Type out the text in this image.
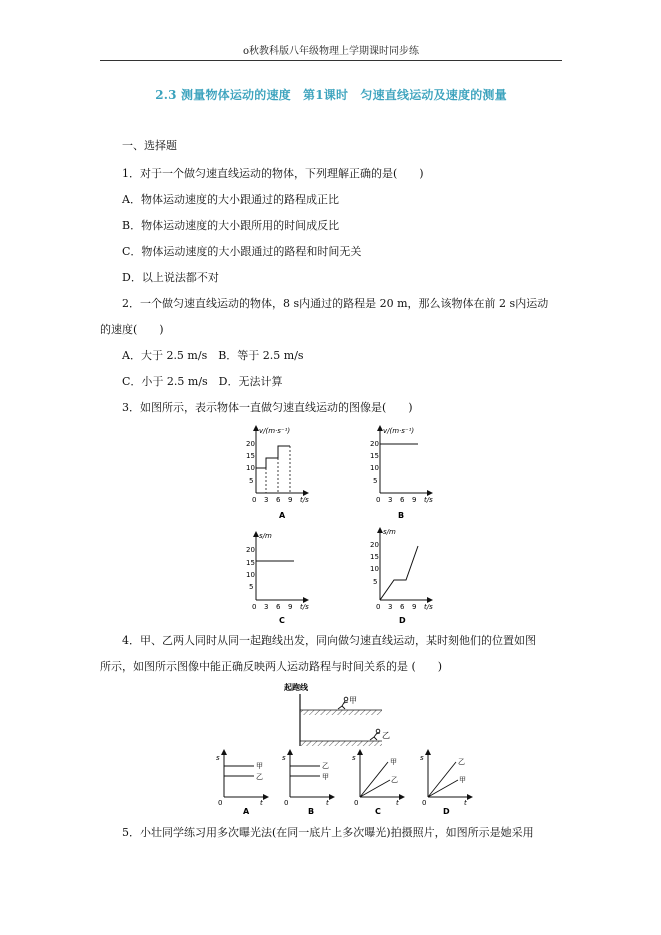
o秋教科版八年级物理上学期课时同步练
2.3 测量物体运动的速度　第1课时　匀速直线运动及速度的测量
一、选择题
1．对于一个做匀速直线运动的物体，下列理解正确的是(　　)
A．物体运动速度的大小跟通过的路程成正比
B．物体运动速度的大小跟所用的时间成反比
C．物体运动速度的大小跟通过的路程和时间无关
D．以上说法都不对
2．一个做匀速直线运动的物体，8 s内通过的路程是 20 m，那么该物体在前 2 s内运动
的速度(　　)
A．大于 2.5 m/s　B．等于 2.5 m/s
C．小于 2.5 m/s　D．无法计算
3．如图所示，表示物体一直做匀速直线运动的图像是(　　)
v/(m·s⁻¹)
20
15
10
5
0 3 6 9 t/s
A
v/(m·s⁻¹)
20
15
10
5
0 3 6 9 t/s
B
s/m
20
15
10
5
0 3 6 9 t/s
C
s/m
20
15
10
5
0 3 6 9 t/s
D
4．甲、乙两人同时从同一起跑线出发，同向做匀速直线运动，某时刻他们的位置如图
所示，如图所示图像中能正确反映两人运动路程与时间关系的是 (　　)
起跑线
甲
乙
s
t
0
甲
乙
A
s
t
0
乙
甲
B
s
t
0
甲
乙
C
s
t
0
乙
甲
D
5．小壮同学练习用多次曝光法(在同一底片上多次曝光)拍摄照片，如图所示是她采用
